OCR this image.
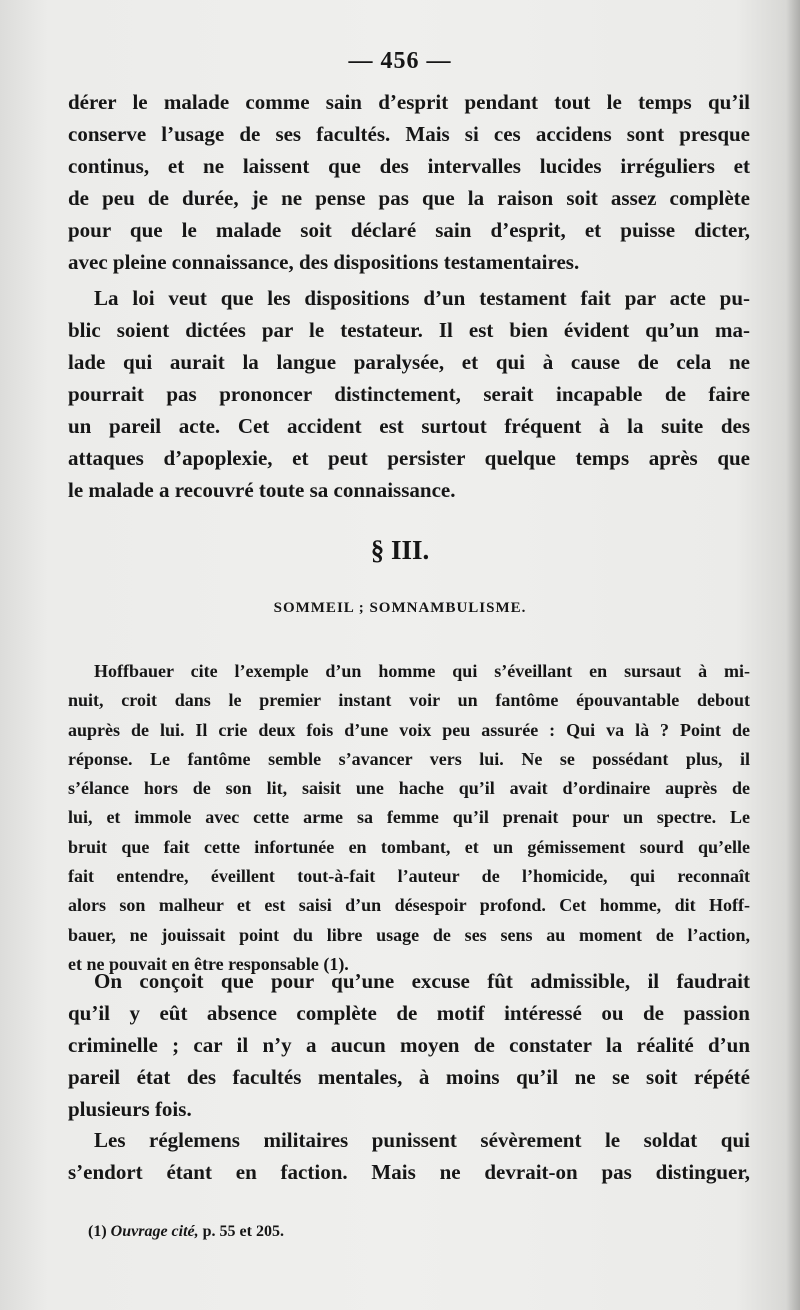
— 456 —

dérer le malade comme sain d’esprit pendant tout le temps qu’il

conserve l’usage de ses facultés. Mais si ces accidens sont presque

continus, et ne laissent que des intervalles lucides irréguliers et

de peu de durée, je ne pense pas que la raison soit assez complète

pour que le malade soit déclaré sain d’esprit, et puisse dicter,

avec pleine connaissance, des dispositions testamentaires.

La loi veut que les dispositions d’un testament fait par acte pu-

blic soient dictées par le testateur. Il est bien évident qu’un ma-

lade qui aurait la langue paralysée, et qui à cause de cela ne

pourrait pas prononcer distinctement, serait incapable de faire

un pareil acte. Cet accident est surtout fréquent à la suite des

attaques d’apoplexie, et peut persister quelque temps après que

le malade a recouvré toute sa connaissance.

§ III.
SOMMEIL ; SOMNAMBULISME.

Hoffbauer cite l’exemple d’un homme qui s’éveillant en sursaut à mi-

nuit, croit dans le premier instant voir un fantôme épouvantable debout

auprès de lui. Il crie deux fois d’une voix peu assurée : Qui va là ? Point de

réponse. Le fantôme semble s’avancer vers lui. Ne se possédant plus, il

s’élance hors de son lit, saisit une hache qu’il avait d’ordinaire auprès de

lui, et immole avec cette arme sa femme qu’il prenait pour un spectre. Le

bruit que fait cette infortunée en tombant, et un gémissement sourd qu’elle

fait entendre, éveillent tout-à-fait l’auteur de l’homicide, qui reconnaît

alors son malheur et est saisi d’un désespoir profond. Cet homme, dit Hoff-

bauer, ne jouissait point du libre usage de ses sens au moment de l’action,

et ne pouvait en être responsable (1).

On conçoit que pour qu’une excuse fût admissible, il faudrait

qu’il y eût absence complète de motif intéressé ou de passion

criminelle ; car il n’y a aucun moyen de constater la réalité d’un

pareil état des facultés mentales, à moins qu’il ne se soit répété

plusieurs fois.

Les réglemens militaires punissent sévèrement le soldat qui

s’endort étant en faction. Mais ne devrait-on pas distinguer,

(1) Ouvrage cité, p. 55 et 205.
